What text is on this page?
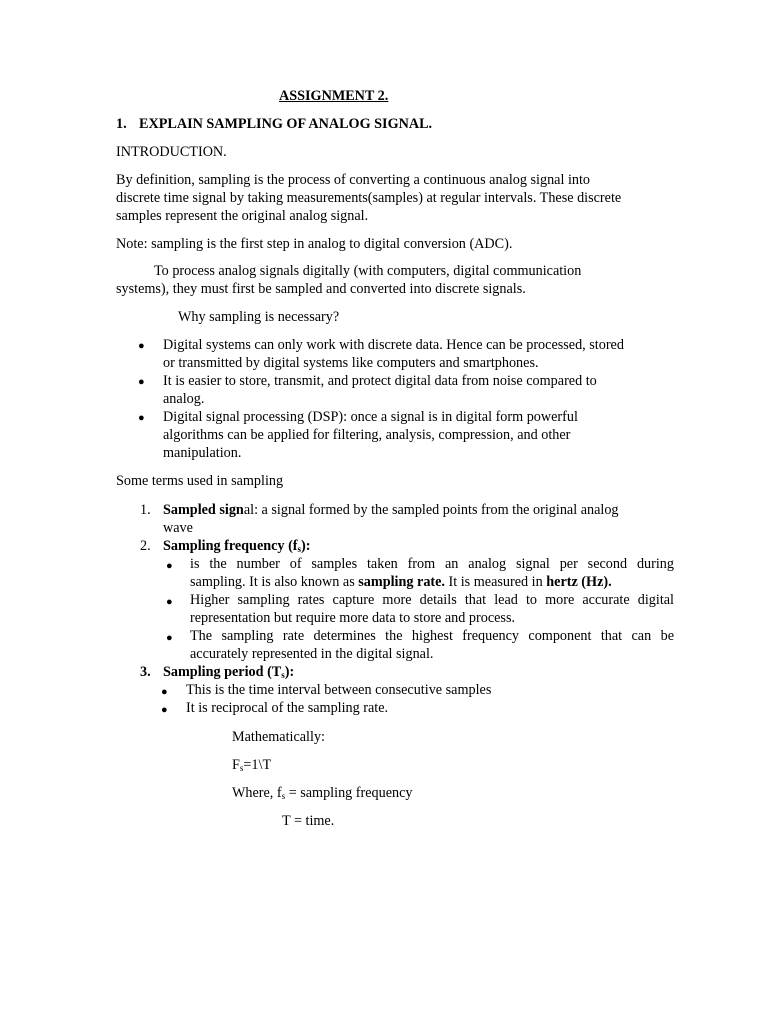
ASSIGNMENT 2.
1. EXPLAIN SAMPLING OF ANALOG SIGNAL.
INTRODUCTION.
By definition, sampling is the process of converting a continuous analog signal into
discrete time signal by taking measurements(samples) at regular intervals. These discrete
samples represent the original analog signal.
Note: sampling is the first step in analog to digital conversion (ADC).
To process analog signals digitally (with computers, digital communication
systems), they must first be sampled and converted into discrete signals.
Why sampling is necessary?
● Digital systems can only work with discrete data. Hence can be processed, stored
or transmitted by digital systems like computers and smartphones.
● It is easier to store, transmit, and protect digital data from noise compared to
analog.
● Digital signal processing (DSP): once a signal is in digital form powerful
algorithms can be applied for filtering, analysis, compression, and other
manipulation.
Some terms used in sampling
1. Sampled signal: a signal formed by the sampled points from the original analog
wave
2. Sampling frequency $(f_s)$:
● is the number of samples taken from an analog signal per second during
sampling. It is also known as sampling rate. It is measured in hertz (Hz).
● Higher sampling rates capture more details that lead to more accurate digital
representation but require more data to store and process.
● The sampling rate determines the highest frequency component that can be
accurately represented in the digital signal.
3. Sampling period $(T_s)$:
● This is the time interval between consecutive samples
● It is reciprocal of the sampling rate.
Mathematically:
$F_s=1\backslash T$
Where, $f_s$ = sampling frequency
T = time.
